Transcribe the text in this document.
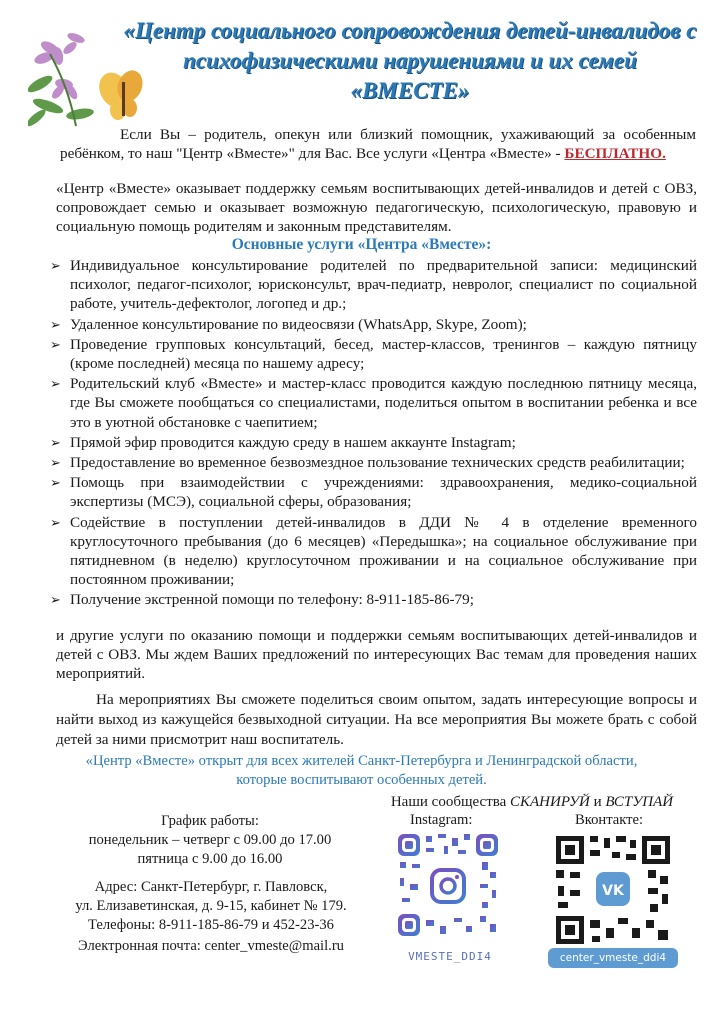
«Центр социального сопровождения детей-инвалидов с
психофизическими нарушениями и их семей
«ВМЕСТЕ»
Если Вы – родитель, опекун или близкий помощник, ухаживающий за особенным ребёнком, то наш "Центр «Вместе»" для Вас. Все услуги «Центра «Вместе» - БЕСПЛАТНО.
«Центр «Вместе» оказывает поддержку семьям воспитывающих детей-инвалидов и детей с ОВЗ, сопровождает семью и оказывает возможную педагогическую, психологическую, правовую и социальную помощь родителям и законным представителям.
Основные услуги «Центра «Вместе»:
➢ Индивидуальное консультирование родителей по предварительной записи: медицинский психолог, педагог-психолог, юрисконсульт, врач-педиатр, невролог, специалист по социальной работе, учитель-дефектолог, логопед и др.;
➢ Удаленное консультирование по видеосвязи (WhatsApp, Skype, Zoom);
➢ Проведение групповых консультаций, бесед, мастер-классов, тренингов – каждую пятницу (кроме последней) месяца по нашему адресу;
➢ Родительский клуб «Вместе» и мастер-класс проводится каждую последнюю пятницу месяца, где Вы сможете пообщаться со специалистами, поделиться опытом в воспитании ребенка и все это в уютной обстановке с чаепитием;
➢ Прямой эфир проводится каждую среду в нашем аккаунте Instagram;
➢ Предоставление во временное безвозмездное пользование технических средств реабилитации;
➢ Помощь при взаимодействии с учреждениями: здравоохранения, медико-социальной экспертизы (МСЭ), социальной сферы, образования;
➢ Содействие в поступлении детей-инвалидов в ДДИ № 4 в отделение временного круглосуточного пребывания (до 6 месяцев) «Передышка»; на социальное обслуживание при пятидневном (в неделю) круглосуточном проживании и на социальное обслуживание при постоянном проживании;
➢ Получение экстренной помощи по телефону: 8-911-185-86-79;
и другие услуги по оказанию помощи и поддержки семьям воспитывающих детей-инвалидов и детей с ОВЗ. Мы ждем Ваших предложений по интересующих Вас темам для проведения наших мероприятий.
На мероприятиях Вы сможете поделиться своим опытом, задать интересующие вопросы и найти выход из кажущейся безвыходной ситуации. На все мероприятия Вы можете брать с собой детей за ними присмотрит наш воспитатель.
«Центр «Вместе» открыт для всех жителей Санкт-Петербурга и Ленинградской области,
которые воспитывают особенных детей.
Наши сообщества СКАНИРУЙ и ВСТУПАЙ
Instagram:	Вконтакте:
VMESTE_DDI4
VK
center_vmeste_ddi4
График работы:
понедельник – четверг с 09.00 до 17.00
пятница с 9.00 до 16.00
Адрес: Санкт-Петербург, г. Павловск,
ул. Елизаветинская, д. 9-15, кабинет № 179.
Телефоны: 8-911-185-86-79 и 452-23-36
Электронная почта: center_vmeste@mail.ru
